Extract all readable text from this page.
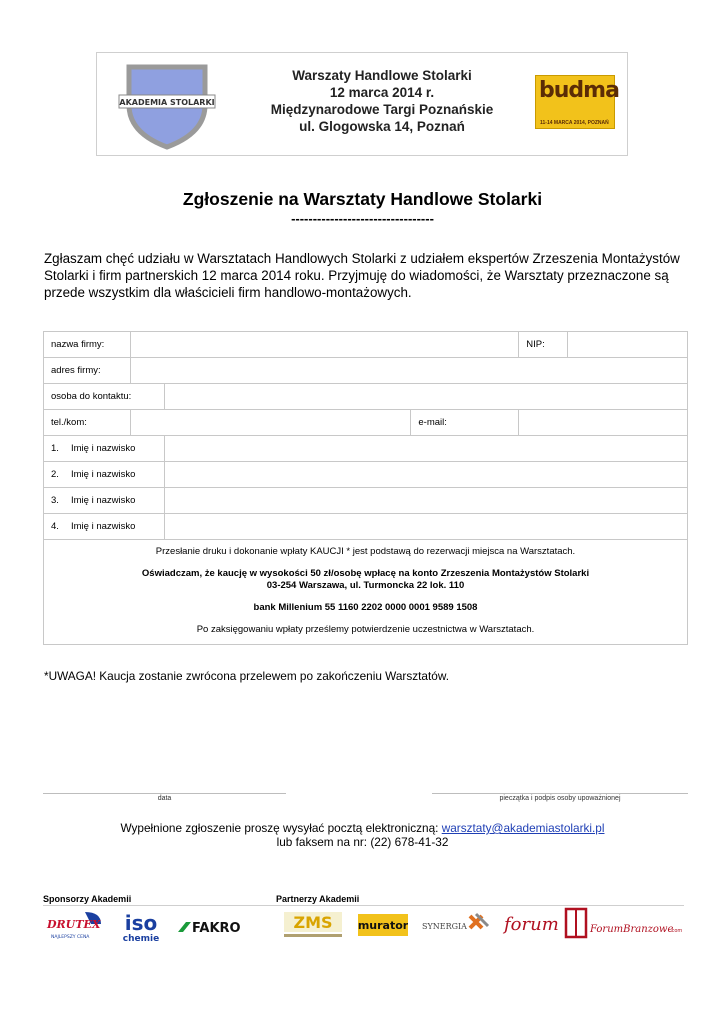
AKADEMIA STOLARKI
Warszaty Handlowe Stolarki
12 marca 2014 r.
Międzynarodowe Targi Poznańskie
ul. Glogowska 14, Poznań
budma
11-14 MARCA 2014, POZNAŃ
Zgłoszenie na Warsztaty Handlowe Stolarki
---------------------------------
Zgłaszam chęć udziału w Warsztatach Handlowych Stolarki z udziałem ekspertów Zrzeszenia Montażystów Stolarki i firm partnerskich 12 marca 2014 roku. Przyjmuję do wiadomości, że Warsztaty przeznaczone są przede wszystkim dla właścicieli firm handlowo-montażowych.
nazwa firmy:				NIP:	
adres firmy:					
osoba do kontaktu:					
tel./kom:			e-mail:		
1. Imię i nazwisko					
2. Imię i nazwisko					
3. Imię i nazwisko					
4. Imię i nazwisko					

Przesłanie druku i dokonanie wpłaty KAUCJI * jest podstawą do rezerwacji miejsca na Warsztatach.

Oświadczam, że kaucję w wysokości 50 zł/osobę wpłacę na konto Zrzeszenia Montażystów Stolarki
03-254 Warszawa, ul. Turmoncka 22 lok. 110

bank Millenium 55 1160 2202 0000 0001 9589 1508

Po zaksięgowaniu wpłaty prześlemy potwierdzenie uczestnictwa w Warsztatach.					

*UWAGA! Kaucja zostanie zwrócona przelewem po zakończeniu Warsztatów.
data	pieczątka i podpis osoby upoważnionej
Wypełnione zgłoszenie proszę wysyłać pocztą elektroniczną: warsztaty@akademiastolarki.pl
lub faksem na nr: (22) 678-41-32
Sponsorzy Akademii	Partnerzy Akademii
DRUTEX
NAJLEPSZY CENA
iso
chemie
FAKRO	ZMS murator SYNERGIA forum	ForumBranzowe
.com
